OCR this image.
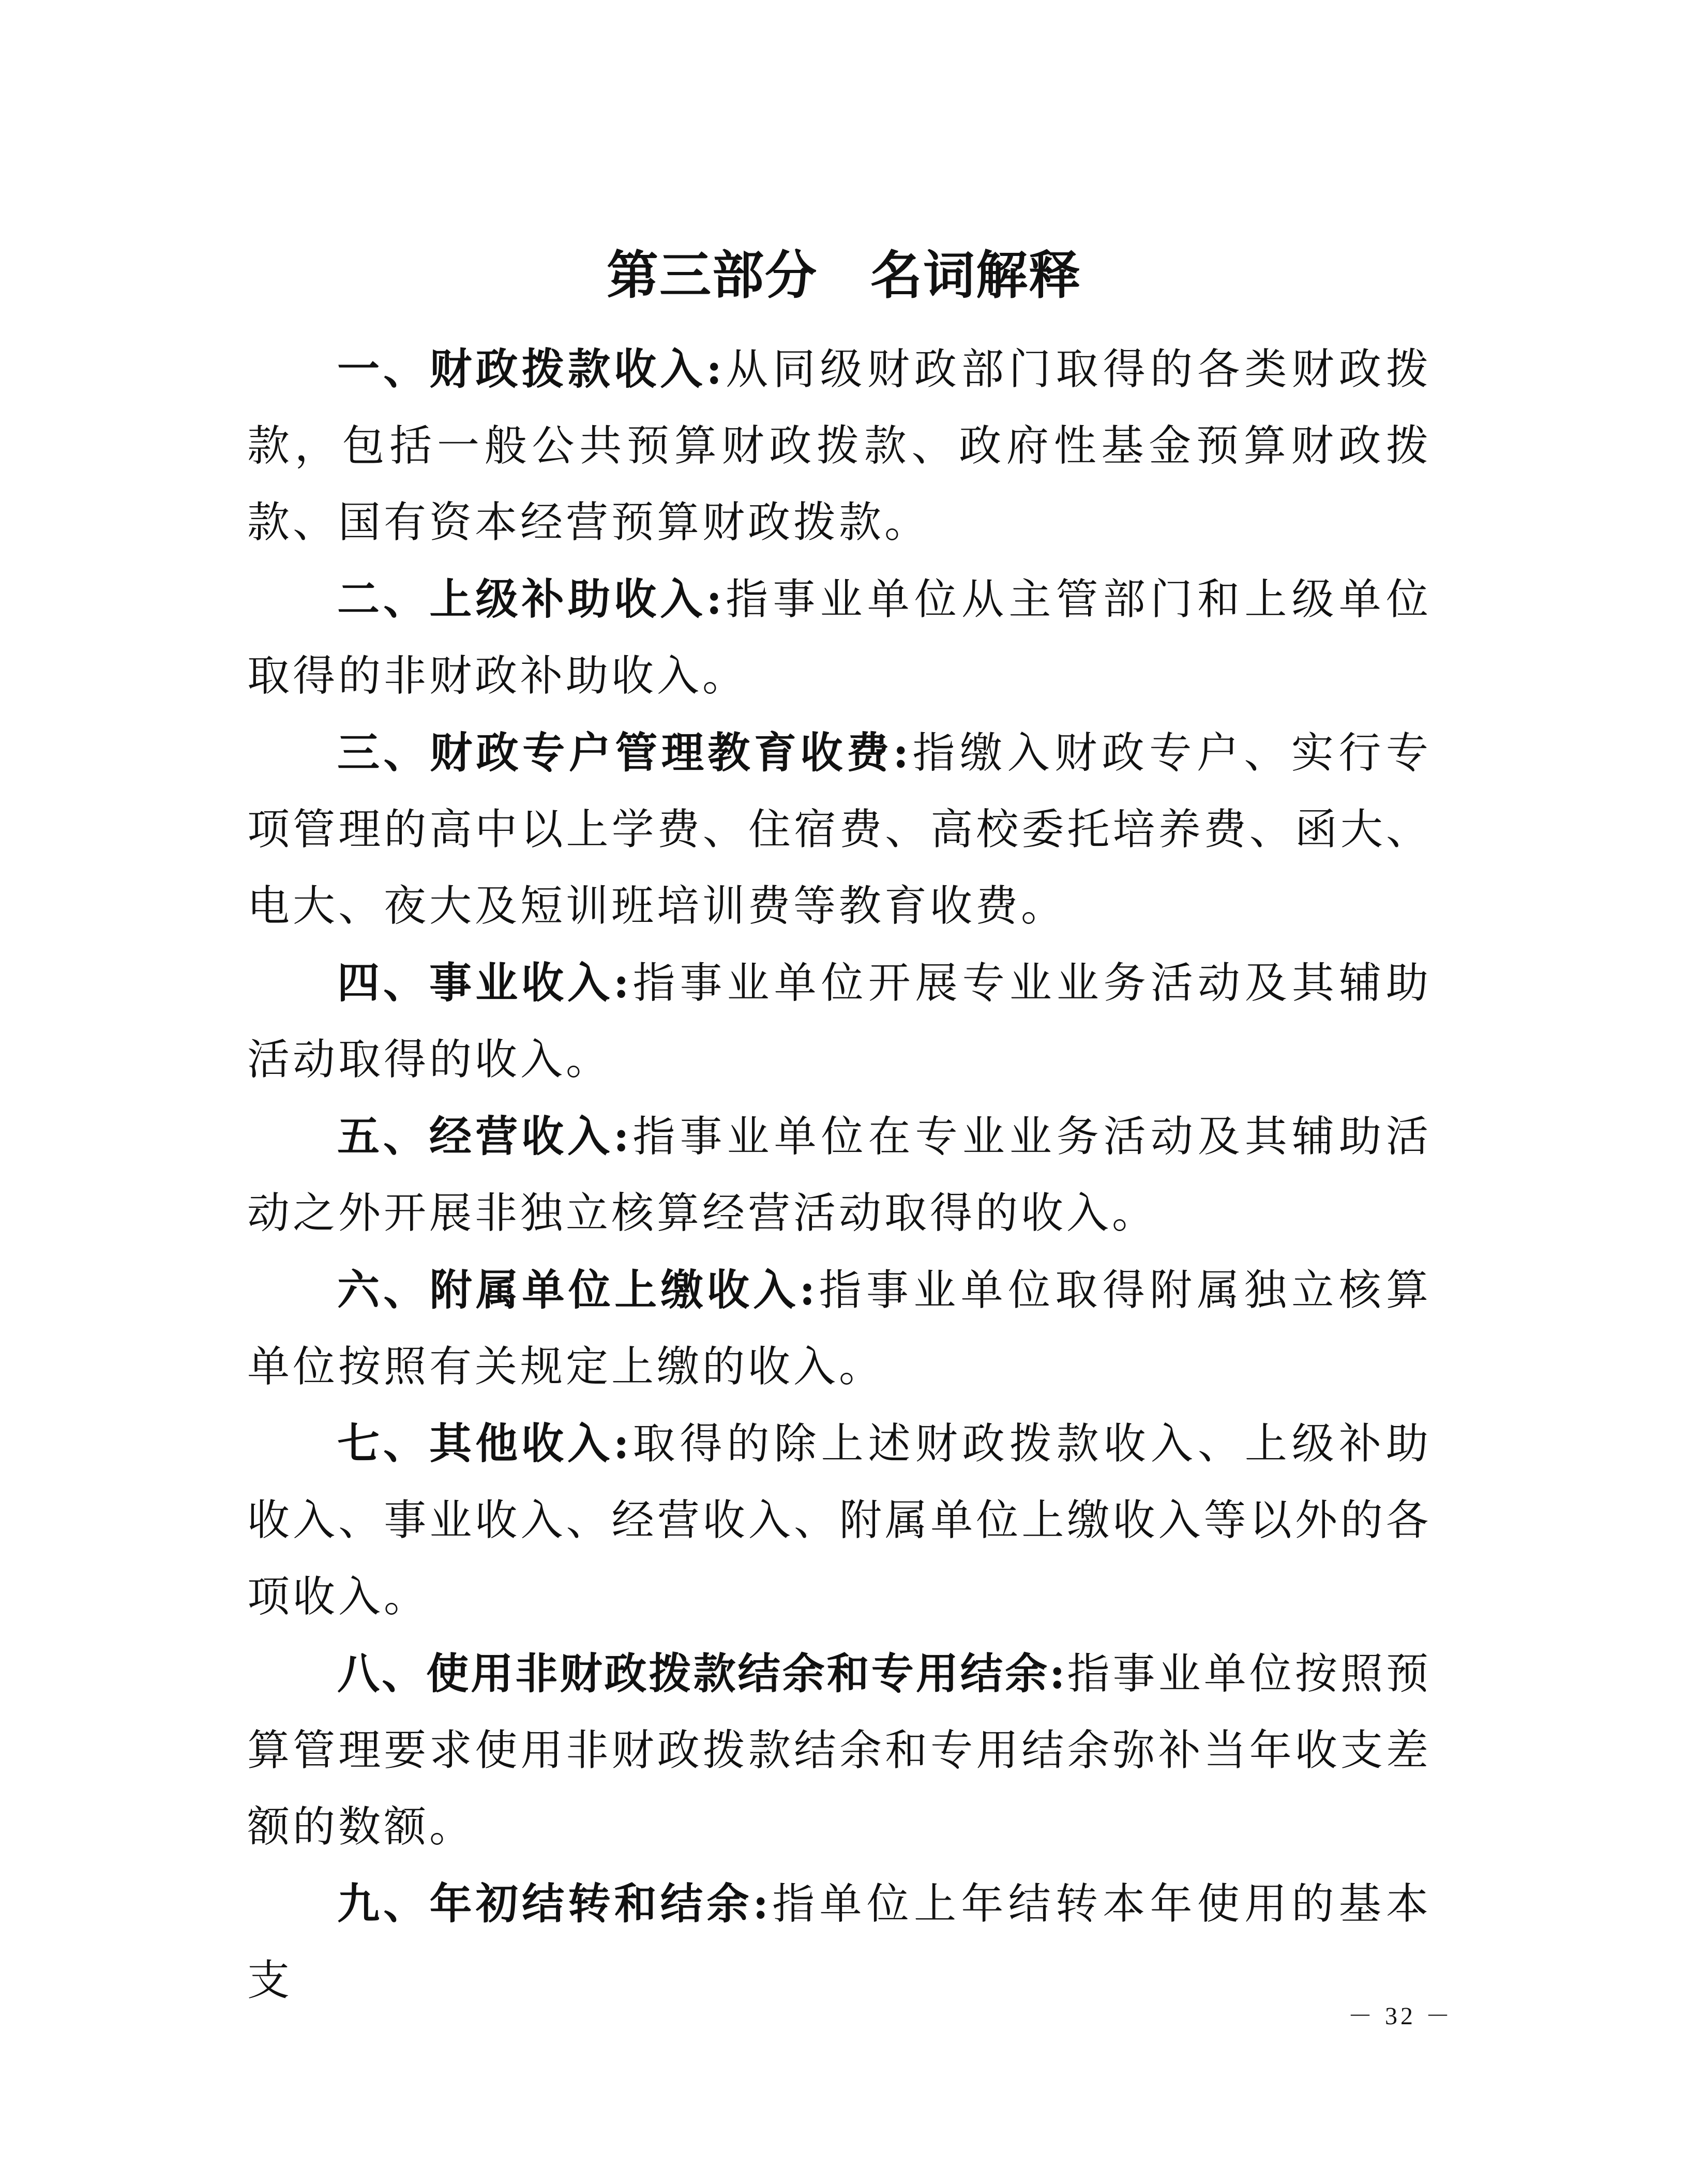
第三部分　名词解释

一、财政拨款收入:从同级财政部门取得的各类财政拨款，包括一般公共预算财政拨款、政府性基金预算财政拨款、国有资本经营预算财政拨款。

二、上级补助收入:指事业单位从主管部门和上级单位取得的非财政补助收入。

三、财政专户管理教育收费:指缴入财政专户、实行专项管理的高中以上学费、住宿费、高校委托培养费、函大、电大、夜大及短训班培训费等教育收费。

四、事业收入:指事业单位开展专业业务活动及其辅助活动取得的收入。

五、经营收入:指事业单位在专业业务活动及其辅助活动之外开展非独立核算经营活动取得的收入。

六、附属单位上缴收入:指事业单位取得附属独立核算单位按照有关规定上缴的收入。

七、其他收入:取得的除上述财政拨款收入、上级补助收入、事业收入、经营收入、附属单位上缴收入等以外的各项收入。

八、使用非财政拨款结余和专用结余:指事业单位按照预算管理要求使用非财政拨款结余和专用结余弥补当年收支差额的数额。

九、年初结转和结余:指单位上年结转本年使用的基本支

－ 32 －
